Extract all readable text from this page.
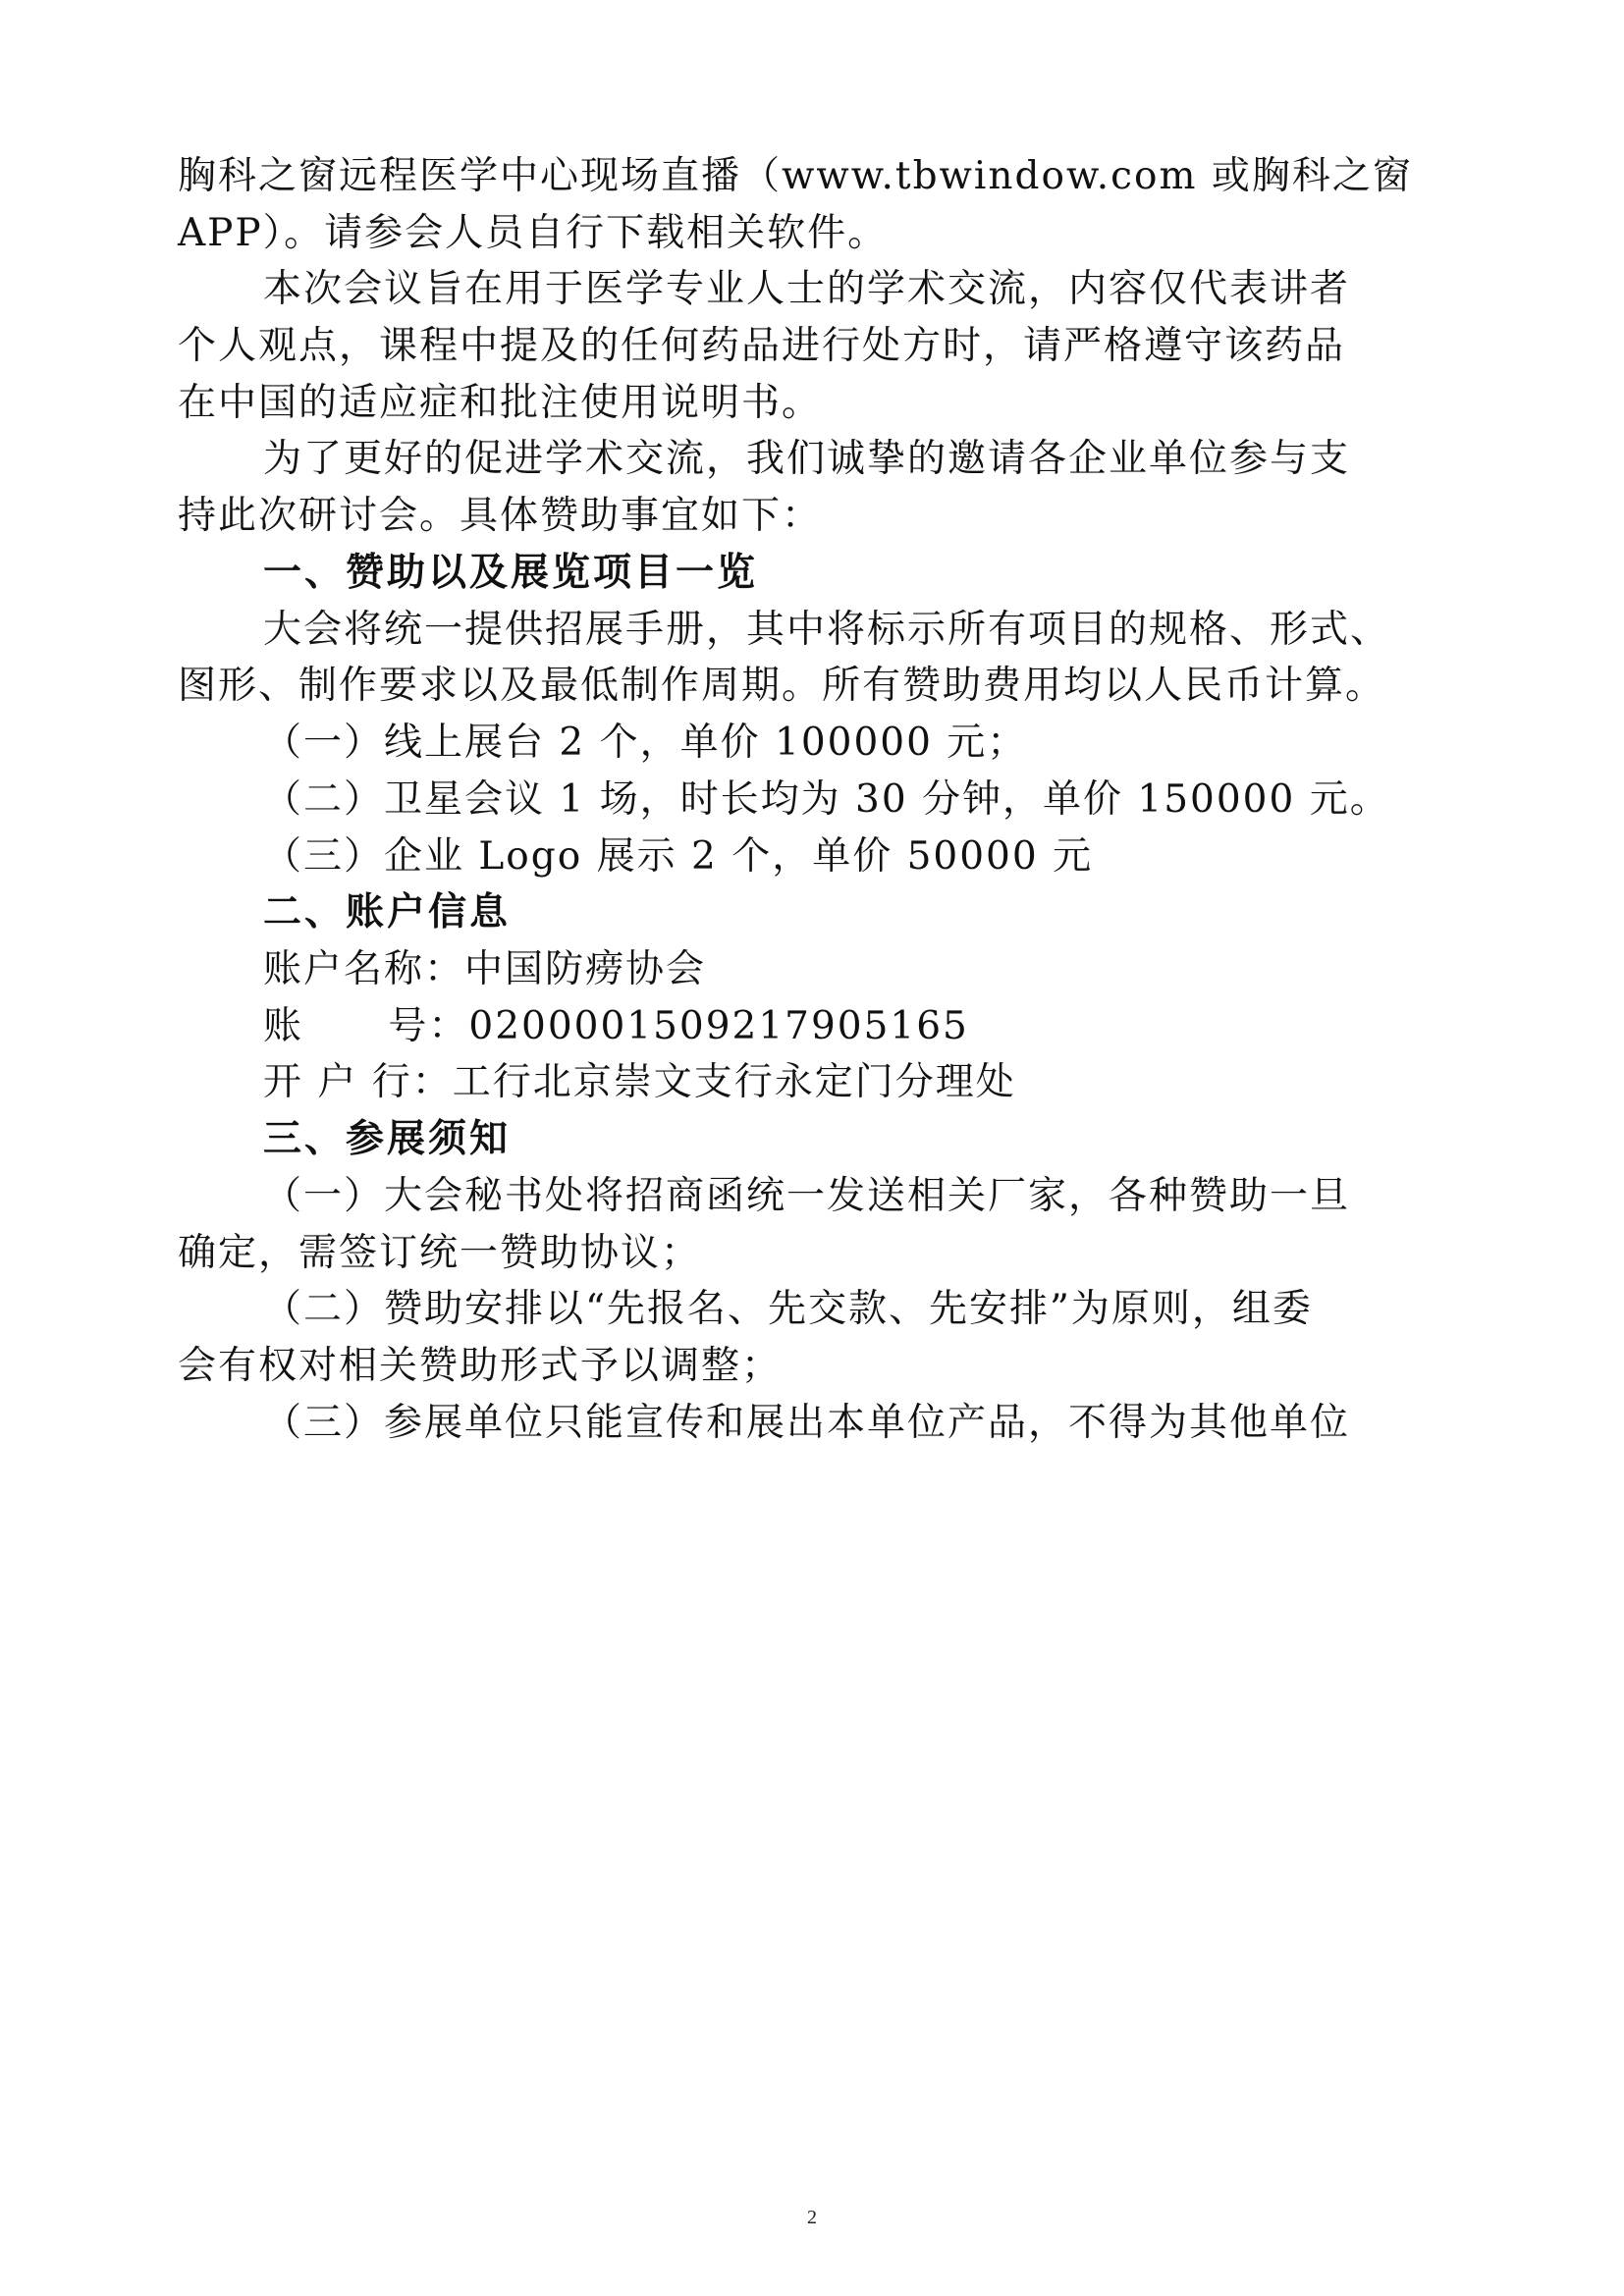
胸科之窗远程医学中心现场直播（www.tbwindow.com 或胸科之窗
APP）。请参会人员自行下载相关软件。
本次会议旨在用于医学专业人士的学术交流，内容仅代表讲者
个人观点，课程中提及的任何药品进行处方时，请严格遵守该药品
在中国的适应症和批注使用说明书。
为了更好的促进学术交流，我们诚挚的邀请各企业单位参与支
持此次研讨会。具体赞助事宜如下：
一、赞助以及展览项目一览
大会将统一提供招展手册，其中将标示所有项目的规格、形式、
图形、制作要求以及最低制作周期。所有赞助费用均以人民币计算。
（一）线上展台 2 个，单价 100000 元；
（二）卫星会议 1 场，时长均为 30 分钟，单价 150000 元。
（三）企业 Logo 展示 2 个，单价 50000 元
二、账户信息
账户名称：中国防痨协会
账      号：0200001509217905165
开 户 行：工行北京崇文支行永定门分理处
三、参展须知
（一）大会秘书处将招商函统一发送相关厂家，各种赞助一旦
确定，需签订统一赞助协议；
（二）赞助安排以“先报名、先交款、先安排”为原则，组委
会有权对相关赞助形式予以调整；
（三）参展单位只能宣传和展出本单位产品，不得为其他单位
2
